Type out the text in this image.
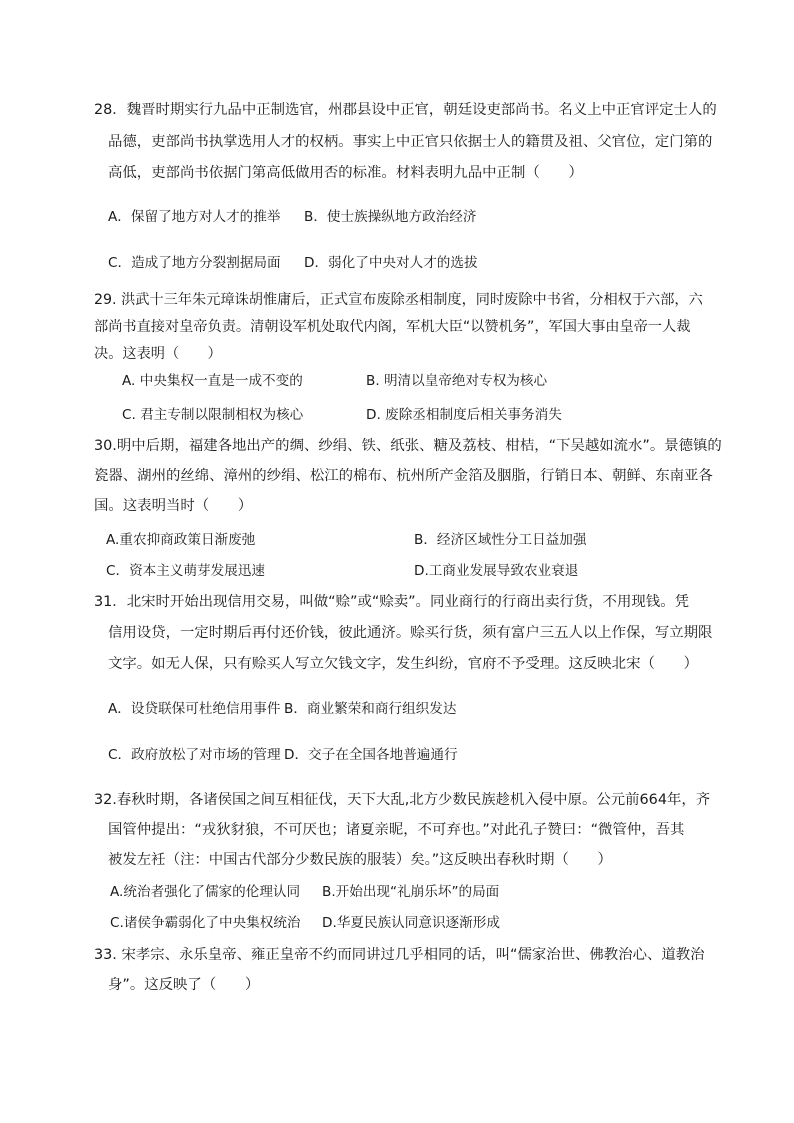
28．魏晋时期实行九品中正制选官，州郡县设中正官，朝廷设吏部尚书。名义上中正官评定士人的
品德，吏部尚书执掌选用人才的权柄。事实上中正官只依据士人的籍贯及祖、父官位，定门第的
高低，吏部尚书依据门第高低做用否的标准。材料表明九品中正制（　　）
A．保留了地方对人才的推举 B．使士族操纵地方政治经济
C．造成了地方分裂割据局面 D．弱化了中央对人才的选拔
29. 洪武十三年朱元璋诛胡惟庸后，正式宣布废除丞相制度，同时废除中书省，分相权于六部，六
部尚书直接对皇帝负责。清朝设军机处取代内阁，军机大臣“以赞机务”，军国大事由皇帝一人裁
决。这表明（　　）
A. 中央集权一直是一成不变的	B. 明清以皇帝绝对专权为核心
C. 君主专制以限制相权为核心	D. 废除丞相制度后相关事务消失
30.明中后期，福建各地出产的绸、纱绢、铁、纸张、糖及荔枝、柑桔，“下吴越如流水”。景德镇的
瓷器、湖州的丝绵、漳州的纱绢、松江的棉布、杭州所产金箔及胭脂，行销日本、朝鲜、东南亚各
国。这表明当时（　　）
A.重农抑商政策日渐废弛	B．经济区域性分工日益加强
C．资本主义萌芽发展迅速	D.工商业发展导致农业衰退
31．北宋时开始出现信用交易，叫做“赊”或“赊卖”。同业商行的行商出卖行货，不用现钱。凭
信用设贷，一定时期后再付还价钱，彼此通济。赊买行货，须有富户三五人以上作保，写立期限
文字。如无人保，只有赊买人写立欠钱文字，发生纠纷，官府不予受理。这反映北宋（　　）
A．设贷联保可杜绝信用事件 B．商业繁荣和商行组织发达
C．政府放松了对市场的管理 D．交子在全国各地普遍通行
32.春秋时期，各诸侯国之间互相征伐，天下大乱,北方少数民族趁机入侵中原。公元前664年，齐
国管仲提出：“戎狄豺狼，不可厌也；诸夏亲昵，不可弃也。”对此孔子赞曰：“微管仲，吾其
被发左衽（注：中国古代部分少数民族的服装）矣。”这反映出春秋时期（　　）
A.统治者强化了儒家的伦理认同 B.开始出现“礼崩乐坏”的局面
C.诸侯争霸弱化了中央集权统治 D.华夏民族认同意识逐渐形成
33. 宋孝宗、永乐皇帝、雍正皇帝不约而同讲过几乎相同的话，叫“儒家治世、佛教治心、道教治
身”。这反映了（　　）
